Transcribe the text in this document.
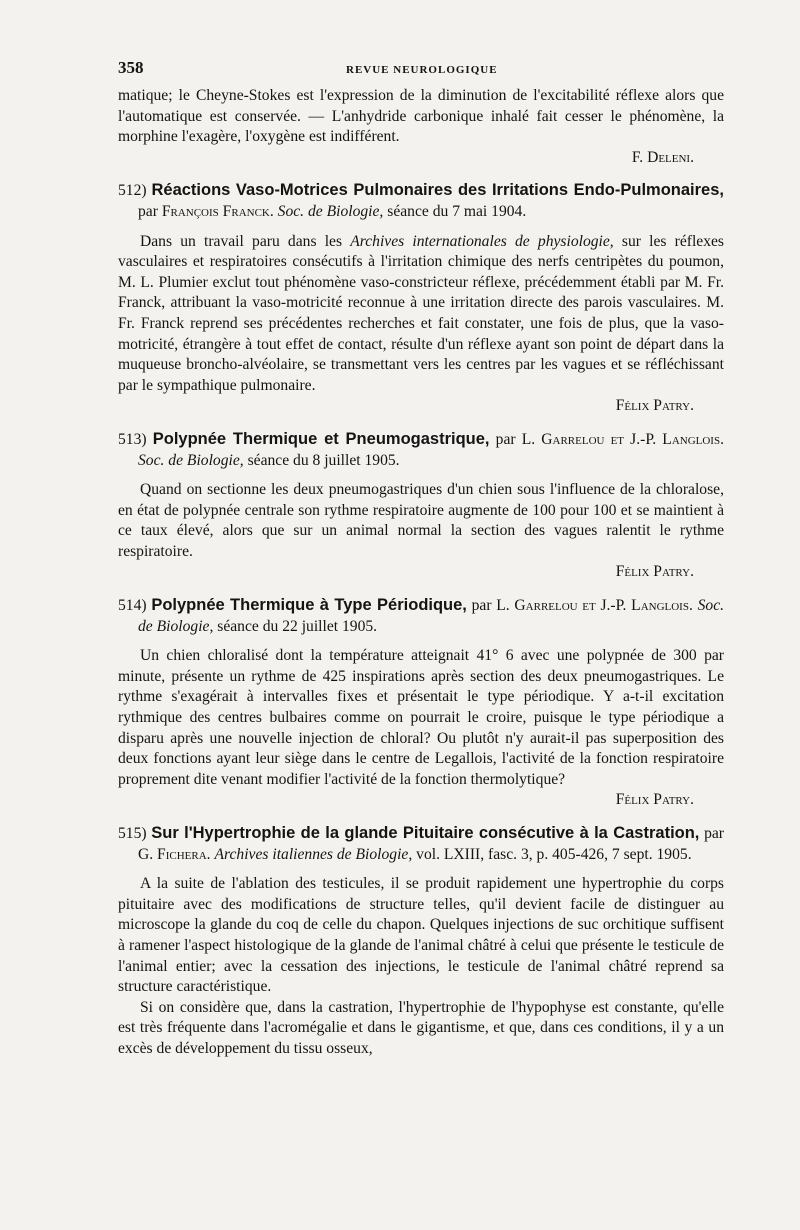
358	REVUE NEUROLOGIQUE

matique; le Cheyne-Stokes est l'expression de la diminution de l'excitabilité réflexe alors que l'automatique est conservée. — L'anhydride carbonique inhalé fait cesser le phénomène, la morphine l'exagère, l'oxygène est indifférent.

F. Deleni.

512) Réactions Vaso-Motrices Pulmonaires des Irritations Endo-Pulmonaires, par François Franck. Soc. de Biologie, séance du 7 mai 1904.

Dans un travail paru dans les Archives internationales de physiologie, sur les réflexes vasculaires et respiratoires consécutifs à l'irritation chimique des nerfs centripètes du poumon, M. L. Plumier exclut tout phénomène vaso-constricteur réflexe, précédemment établi par M. Fr. Franck, attribuant la vaso-motricité reconnue à une irritation directe des parois vasculaires. M. Fr. Franck reprend ses précédentes recherches et fait constater, une fois de plus, que la vaso-motricité, étrangère à tout effet de contact, résulte d'un réflexe ayant son point de départ dans la muqueuse broncho-alvéolaire, se transmettant vers les centres par les vagues et se réfléchissant par le sympathique pulmonaire.

Félix Patry.

513) Polypnée Thermique et Pneumogastrique, par L. Garrelou et J.-P. Langlois. Soc. de Biologie, séance du 8 juillet 1905.

Quand on sectionne les deux pneumogastriques d'un chien sous l'influence de la chloralose, en état de polypnée centrale son rythme respiratoire augmente de 100 pour 100 et se maintient à ce taux élevé, alors que sur un animal normal la section des vagues ralentit le rythme respiratoire.

Félix Patry.

514) Polypnée Thermique à Type Périodique, par L. Garrelou et J.-P. Langlois. Soc. de Biologie, séance du 22 juillet 1905.

Un chien chloralisé dont la température atteignait 41° 6 avec une polypnée de 300 par minute, présente un rythme de 425 inspirations après section des deux pneumogastriques. Le rythme s'exagérait à intervalles fixes et présentait le type périodique. Y a-t-il excitation rythmique des centres bulbaires comme on pourrait le croire, puisque le type périodique a disparu après une nouvelle injection de chloral? Ou plutôt n'y aurait-il pas superposition des deux fonctions ayant leur siège dans le centre de Legallois, l'activité de la fonction respiratoire proprement dite venant modifier l'activité de la fonction thermolytique?

Félix Patry.

515) Sur l'Hypertrophie de la glande Pituitaire consécutive à la Castration, par G. Fichera. Archives italiennes de Biologie, vol. LXIII, fasc. 3, p. 405-426, 7 sept. 1905.

A la suite de l'ablation des testicules, il se produit rapidement une hypertrophie du corps pituitaire avec des modifications de structure telles, qu'il devient facile de distinguer au microscope la glande du coq de celle du chapon. Quelques injections de suc orchitique suffisent à ramener l'aspect histologique de la glande de l'animal châtré à celui que présente le testicule de l'animal entier; avec la cessation des injections, le testicule de l'animal châtré reprend sa structure caractéristique.

Si on considère que, dans la castration, l'hypertrophie de l'hypophyse est constante, qu'elle est très fréquente dans l'acromégalie et dans le gigantisme, et que, dans ces conditions, il y a un excès de développement du tissu osseux,
